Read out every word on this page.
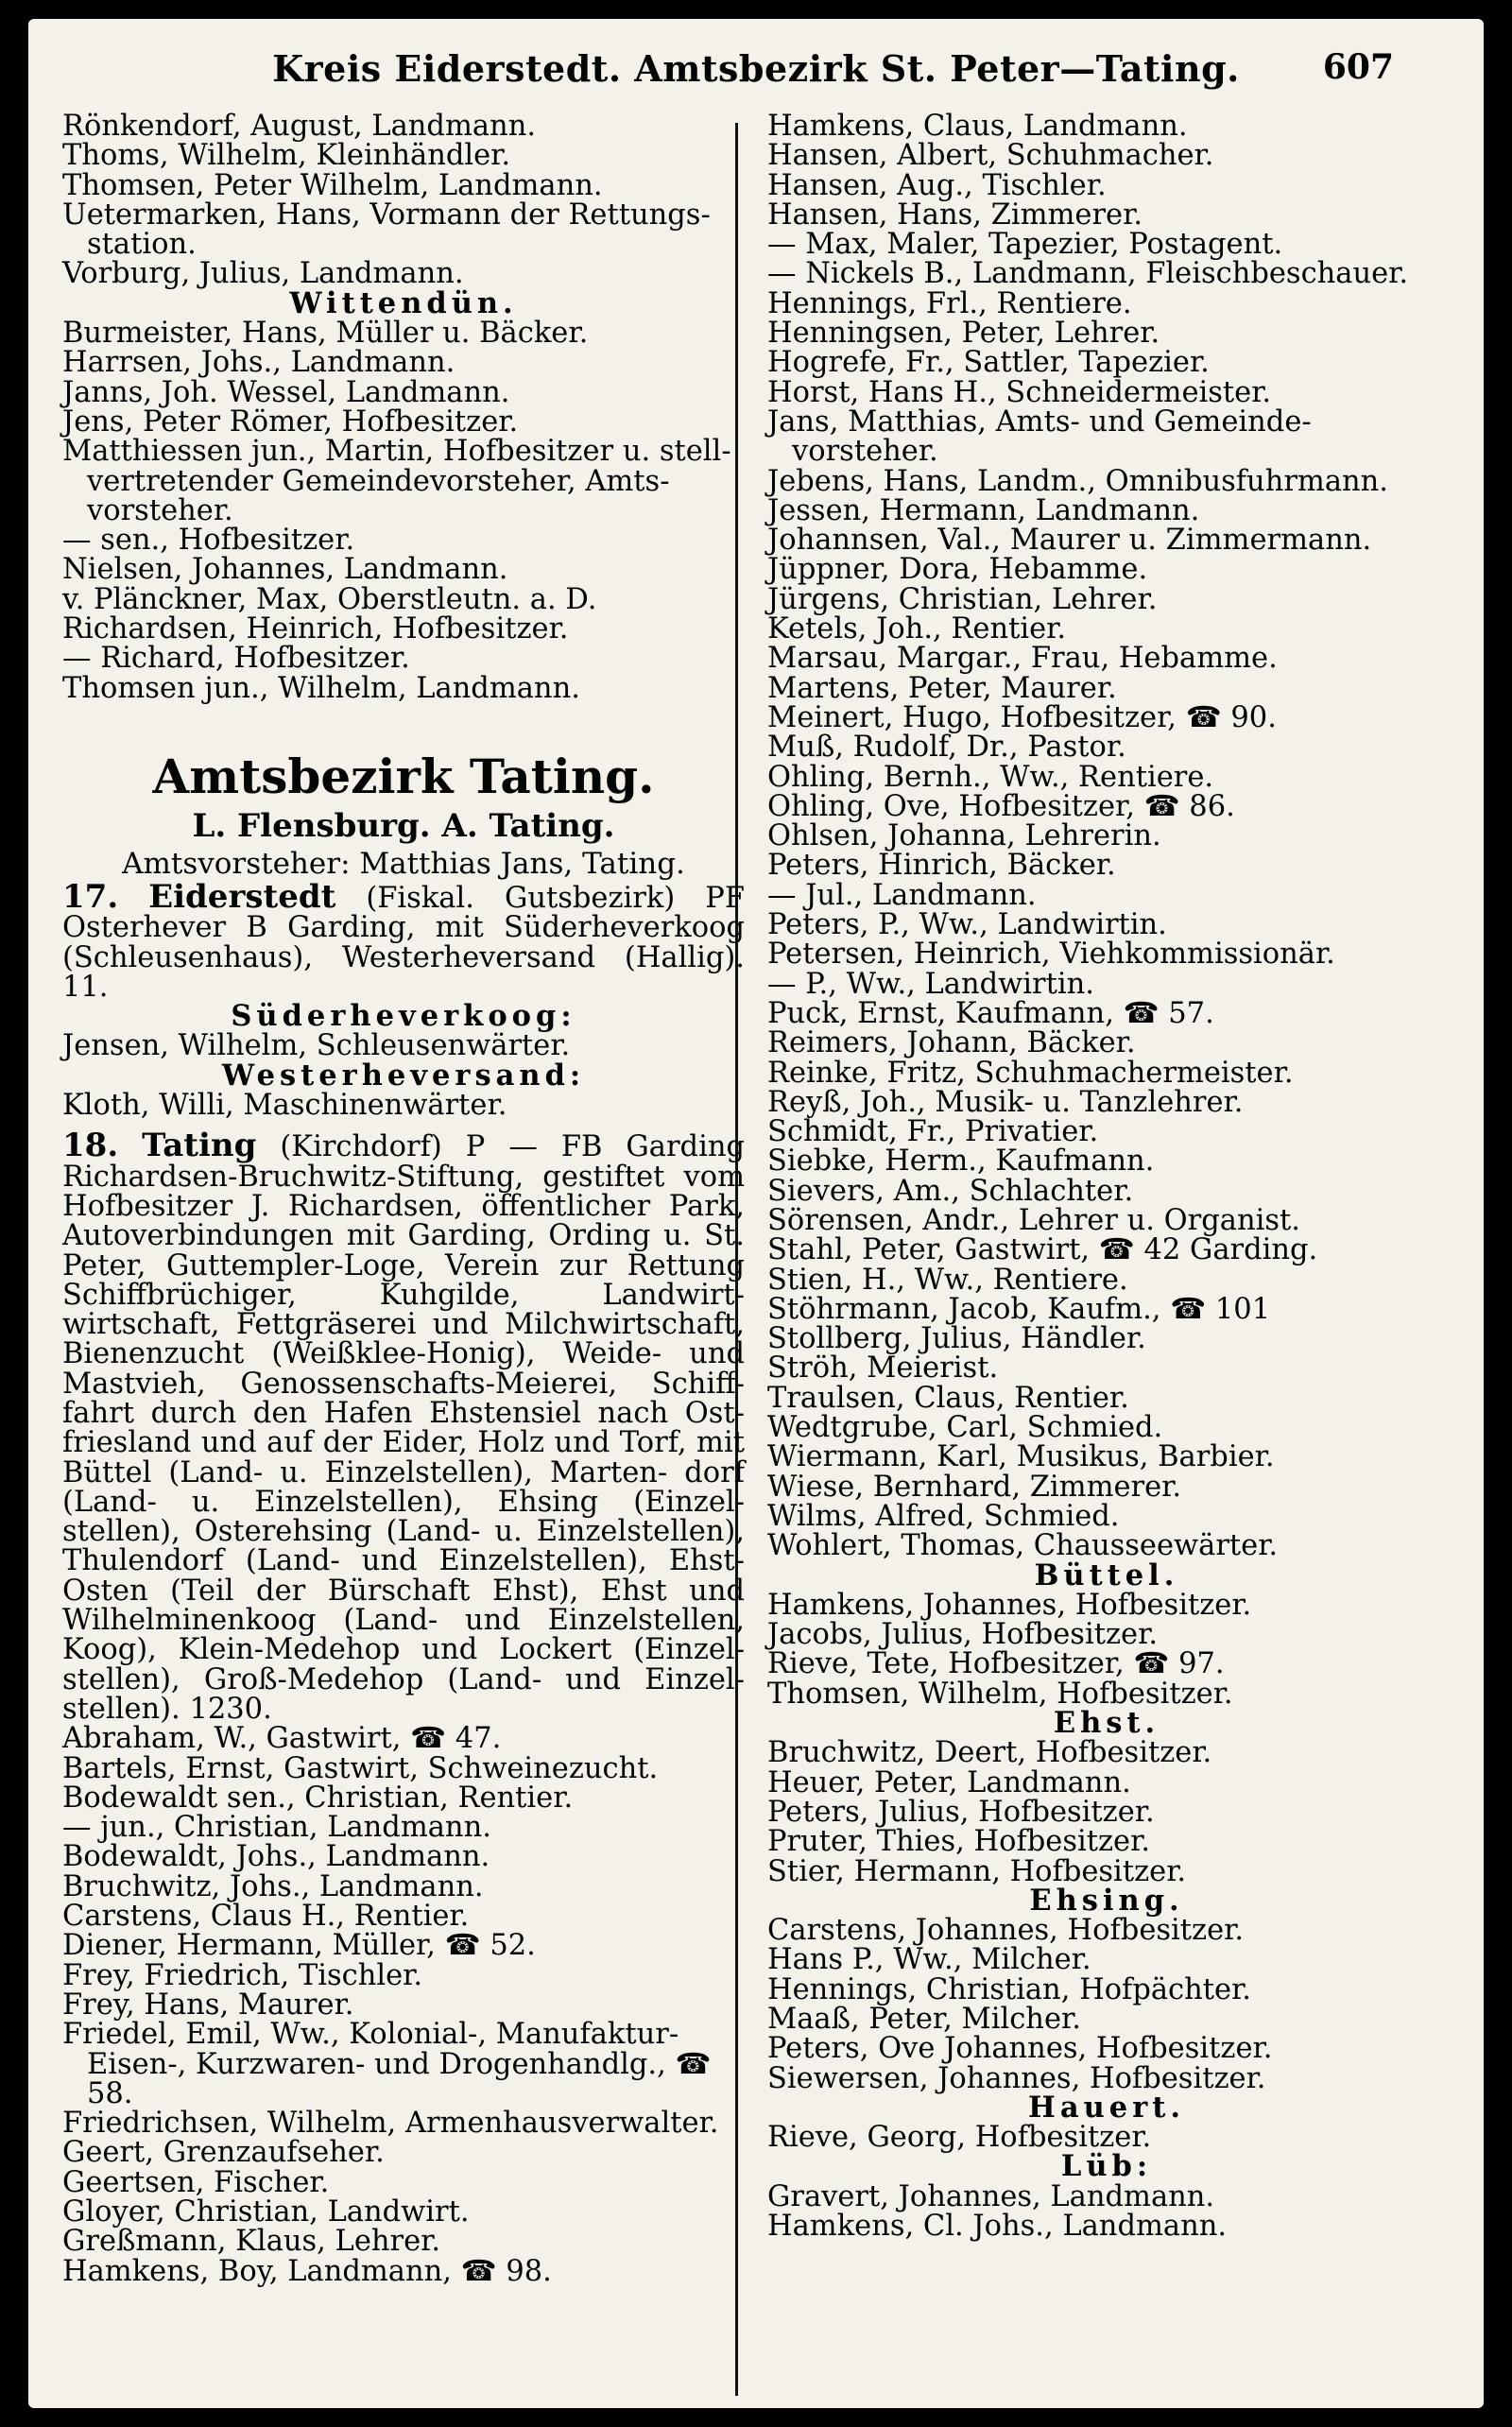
Kreis Eiderstedt. Amtsbezirk St. Peter—Tating.	607
Rönkendorf, August, Landmann.
Thoms, Wilhelm, Kleinhändler.
Thomsen, Peter Wilhelm, Landmann.
Uetermarken, Hans, Vormann der Rettungs- station.
Vorburg, Julius, Landmann.
Wittendün.
Burmeister, Hans, Müller u. Bäcker.
Harrsen, Johs., Landmann.
Janns, Joh. Wessel, Landmann.
Jens, Peter Römer, Hofbesitzer.
Matthiessen jun., Martin, Hofbesitzer u. stell- vertretender Gemeindevorsteher, Amts- vorsteher.
— sen., Hofbesitzer.
Nielsen, Johannes, Landmann.
v. Plänckner, Max, Oberstleutn. a. D.
Richardsen, Heinrich, Hofbesitzer.
— Richard, Hofbesitzer.
Thomsen jun., Wilhelm, Landmann.
Amtsbezirk Tating.
L. Flensburg. A. Tating.
Amtsvorsteher: Matthias Jans, Tating.
17. Eiderstedt (Fiskal. Gutsbezirk) PF Osterhever B Garding, mit Süderheverkoog (Schleusenhaus), Westerheversand (Hallig). 11.
Süderheverkoog:
Jensen, Wilhelm, Schleusenwärter.
Westerheversand:
Kloth, Willi, Maschinenwärter.
18. Tating (Kirchdorf) P — FB Garding Richardsen-Bruchwitz-Stiftung, gestiftet vom Hofbesitzer J. Richardsen, öffentlicher Park, Autoverbindungen mit Garding, Ording u. St. Peter, Guttempler-Loge, Verein zur Rettung Schiffbrüchiger, Kuhgilde, Landwirt- wirtschaft, Fettgräserei und Milchwirtschaft, Bienenzucht (Weißklee-Honig), Weide- und Mastvieh, Genossenschafts-Meierei, Schiff- fahrt durch den Hafen Ehstensiel nach Ost- friesland und auf der Eider, Holz und Torf, mit Büttel (Land- u. Einzelstellen), Marten- dorf (Land- u. Einzelstellen), Ehsing (Einzel- stellen), Osterehsing (Land- u. Einzelstellen), Thulendorf (Land- und Einzelstellen), Ehst- Osten (Teil der Bürschaft Ehst), Ehst und Wilhelminenkoog (Land- und Einzelstellen, Koog), Klein-Medehop und Lockert (Einzel- stellen), Groß-Medehop (Land- und Einzel- stellen). 1230.
Abraham, W., Gastwirt, ☎ 47.
Bartels, Ernst, Gastwirt, Schweinezucht.
Bodewaldt sen., Christian, Rentier.
— jun., Christian, Landmann.
Bodewaldt, Johs., Landmann.
Bruchwitz, Johs., Landmann.
Carstens, Claus H., Rentier.
Diener, Hermann, Müller, ☎ 52.
Frey, Friedrich, Tischler.
Frey, Hans, Maurer.
Friedel, Emil, Ww., Kolonial-, Manufaktur- Eisen-, Kurzwaren- und Drogenhandlg., ☎ 58.
Friedrichsen, Wilhelm, Armenhausverwalter.
Geert, Grenzaufseher.
Geertsen, Fischer.
Gloyer, Christian, Landwirt.
Greßmann, Klaus, Lehrer.
Hamkens, Boy, Landmann, ☎ 98.
Hamkens, Claus, Landmann.
Hansen, Albert, Schuhmacher.
Hansen, Aug., Tischler.
Hansen, Hans, Zimmerer.
— Max, Maler, Tapezier, Postagent.
— Nickels B., Landmann, Fleischbeschauer.
Hennings, Frl., Rentiere.
Henningsen, Peter, Lehrer.
Hogrefe, Fr., Sattler, Tapezier.
Horst, Hans H., Schneidermeister.
Jans, Matthias, Amts- und Gemeinde- vorsteher.
Jebens, Hans, Landm., Omnibusfuhrmann.
Jessen, Hermann, Landmann.
Johannsen, Val., Maurer u. Zimmermann.
Jüppner, Dora, Hebamme.
Jürgens, Christian, Lehrer.
Ketels, Joh., Rentier.
Marsau, Margar., Frau, Hebamme.
Martens, Peter, Maurer.
Meinert, Hugo, Hofbesitzer, ☎ 90.
Muß, Rudolf, Dr., Pastor.
Ohling, Bernh., Ww., Rentiere.
Ohling, Ove, Hofbesitzer, ☎ 86.
Ohlsen, Johanna, Lehrerin.
Peters, Hinrich, Bäcker.
— Jul., Landmann.
Peters, P., Ww., Landwirtin.
Petersen, Heinrich, Viehkommissionär.
— P., Ww., Landwirtin.
Puck, Ernst, Kaufmann, ☎ 57.
Reimers, Johann, Bäcker.
Reinke, Fritz, Schuhmachermeister.
Reyß, Joh., Musik- u. Tanzlehrer.
Schmidt, Fr., Privatier.
Siebke, Herm., Kaufmann.
Sievers, Am., Schlachter.
Sörensen, Andr., Lehrer u. Organist.
Stahl, Peter, Gastwirt, ☎ 42 Garding.
Stien, H., Ww., Rentiere.
Stöhrmann, Jacob, Kaufm., ☎ 101
Stollberg, Julius, Händler.
Ströh, Meierist.
Traulsen, Claus, Rentier.
Wedtgrube, Carl, Schmied.
Wiermann, Karl, Musikus, Barbier.
Wiese, Bernhard, Zimmerer.
Wilms, Alfred, Schmied.
Wohlert, Thomas, Chausseewärter.
Büttel.
Hamkens, Johannes, Hofbesitzer.
Jacobs, Julius, Hofbesitzer.
Rieve, Tete, Hofbesitzer, ☎ 97.
Thomsen, Wilhelm, Hofbesitzer.
Ehst.
Bruchwitz, Deert, Hofbesitzer.
Heuer, Peter, Landmann.
Peters, Julius, Hofbesitzer.
Pruter, Thies, Hofbesitzer.
Stier, Hermann, Hofbesitzer.
Ehsing.
Carstens, Johannes, Hofbesitzer.
Hans P., Ww., Milcher.
Hennings, Christian, Hofpächter.
Maaß, Peter, Milcher.
Peters, Ove Johannes, Hofbesitzer.
Siewersen, Johannes, Hofbesitzer.
Hauert.
Rieve, Georg, Hofbesitzer.
Lüb:
Gravert, Johannes, Landmann.
Hamkens, Cl. Johs., Landmann.
